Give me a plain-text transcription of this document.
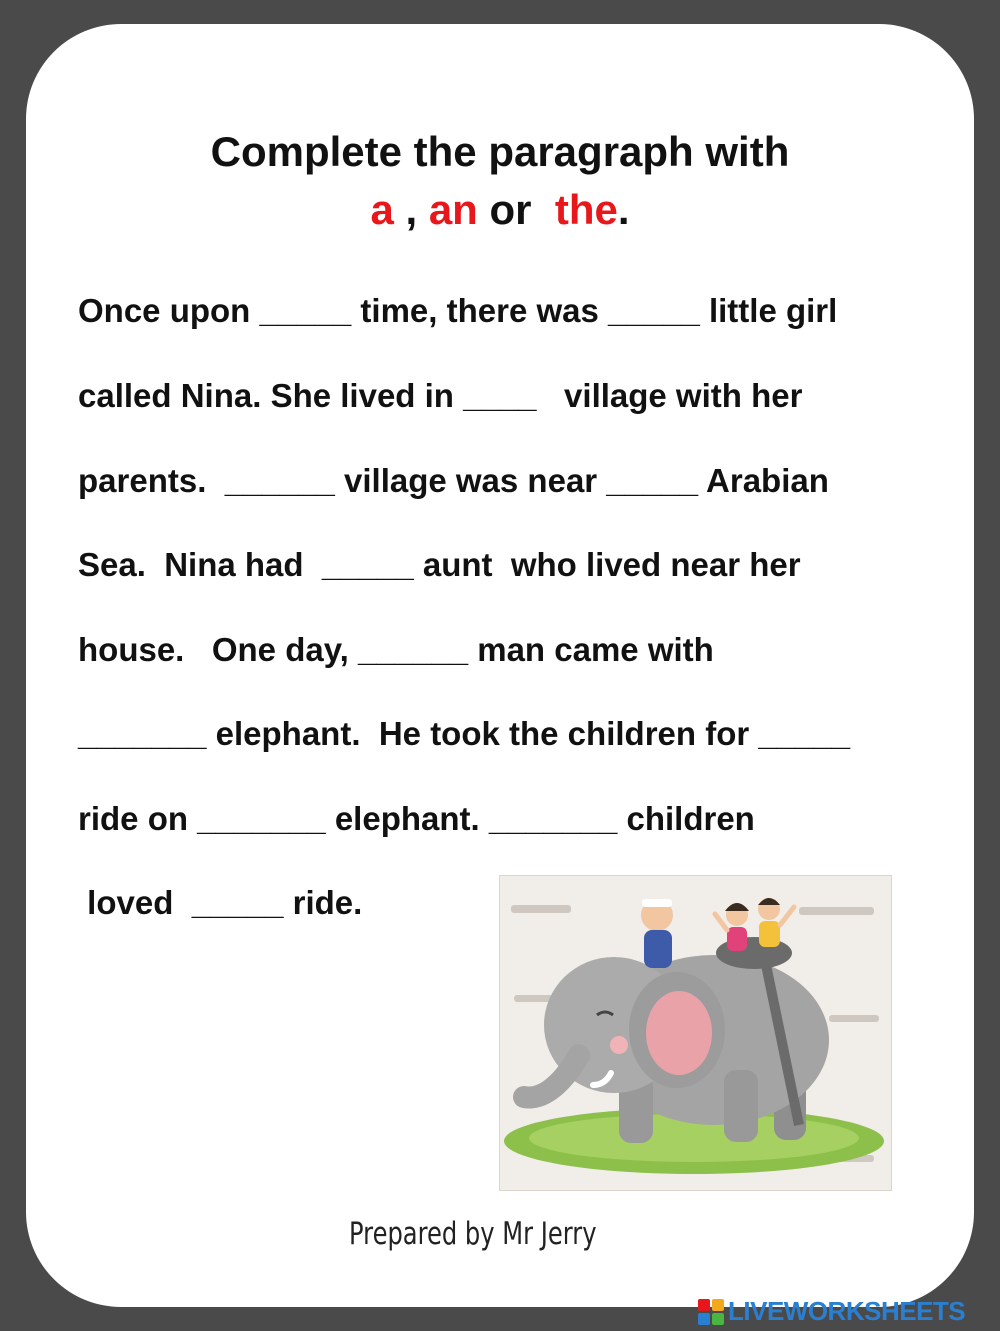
Complete the paragraph with
a , an or  the.
Once upon _____ time, there was _____ little girl
called Nina. She lived in ____   village with her
parents.  ______ village was near _____ Arabian
Sea.  Nina had  _____ aunt  who lived near her
house.   One day, ______ man came with
_______ elephant.  He took the children for _____
ride on _______ elephant. _______ children
loved  _____ ride.
Prepared by Mr Jerry
LIVEWORKSHEETS
